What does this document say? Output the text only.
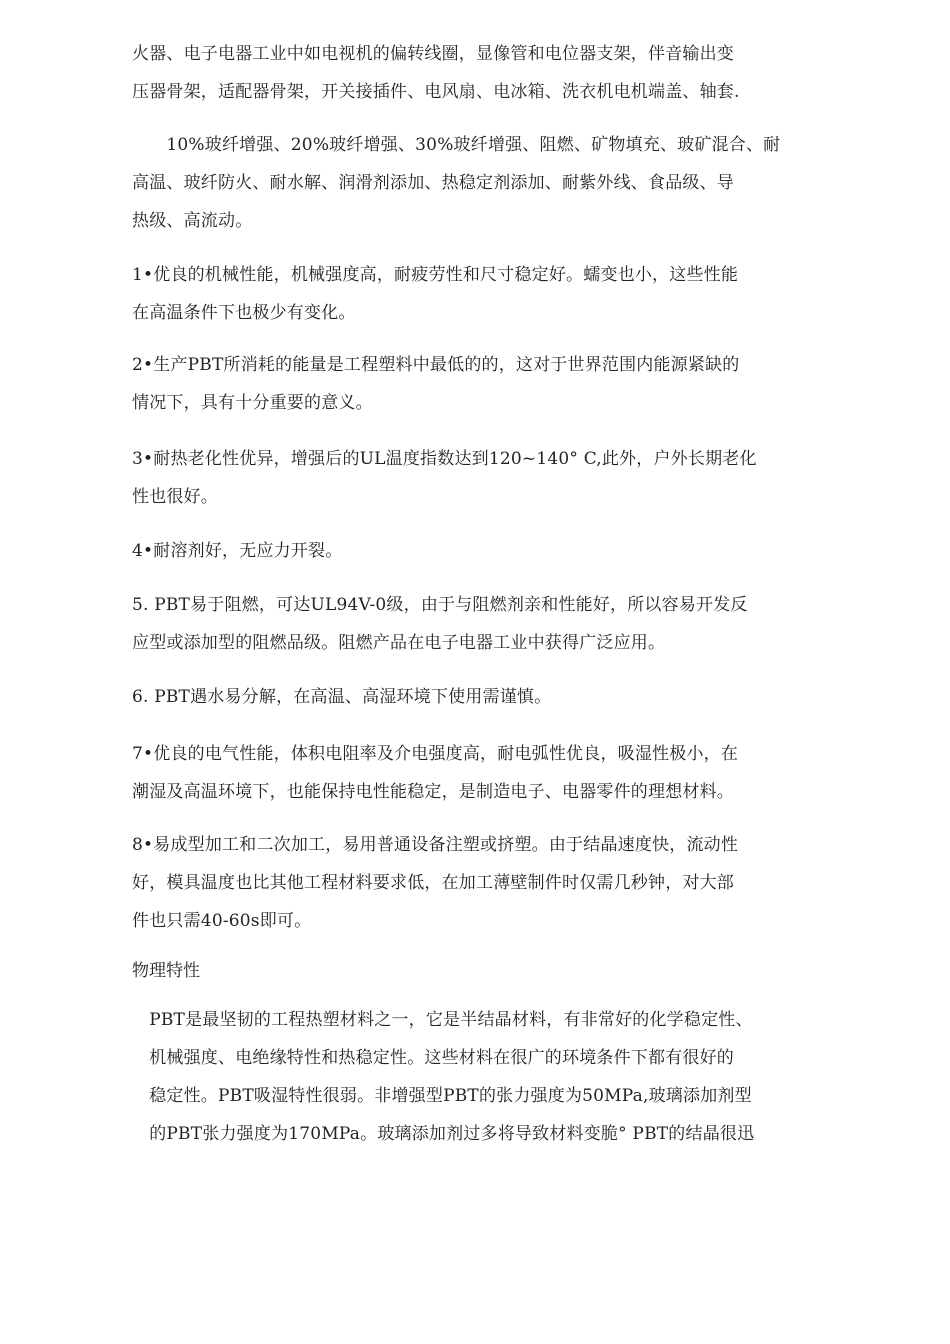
火器、电子电器工业中如电视机的偏转线圈，显像管和电位器支架，伴音输出变
压器骨架，适配器骨架，开关接插件、电风扇、电冰箱、洗衣机电机端盖、轴套.
　　10%玻纤增强、20%玻纤增强、30%玻纤增强、阻燃、矿物填充、玻矿混合、耐
高温、玻纤防火、耐水解、润滑剂添加、热稳定剂添加、耐紫外线、食品级、导
热级、高流动。
1•优良的机械性能，机械强度高，耐疲劳性和尺寸稳定好。蠕变也小，这些性能
在高温条件下也极少有变化。
2•生产PBT所消耗的能量是工程塑料中最低的的，这对于世界范围内能源紧缺的
情况下，具有十分重要的意义。
3•耐热老化性优异，增强后的UL温度指数达到120~140° C,此外，户外长期老化
性也很好。
4•耐溶剂好，无应力开裂。
5. PBT易于阻燃，可达UL94V-0级，由于与阻燃剂亲和性能好，所以容易开发反
应型或添加型的阻燃品级。阻燃产品在电子电器工业中获得广泛应用。
6. PBT遇水易分解，在高温、高湿环境下使用需谨慎。
7•优良的电气性能，体积电阻率及介电强度高，耐电弧性优良，吸湿性极小，在
潮湿及高温环境下，也能保持电性能稳定，是制造电子、电器零件的理想材料。
8•易成型加工和二次加工，易用普通设备注塑或挤塑。由于结晶速度快，流动性
好，模具温度也比其他工程材料要求低，在加工薄壁制件时仅需几秒钟，对大部
件也只需40-60s即可。
物理特性
　PBT是最坚韧的工程热塑材料之一，它是半结晶材料，有非常好的化学稳定性、
　机械强度、电绝缘特性和热稳定性。这些材料在很广的环境条件下都有很好的
　稳定性。PBT吸湿特性很弱。非增强型PBT的张力强度为50MPa,玻璃添加剂型
　的PBT张力强度为170MPa。玻璃添加剂过多将导致材料变脆° PBT的结晶很迅
